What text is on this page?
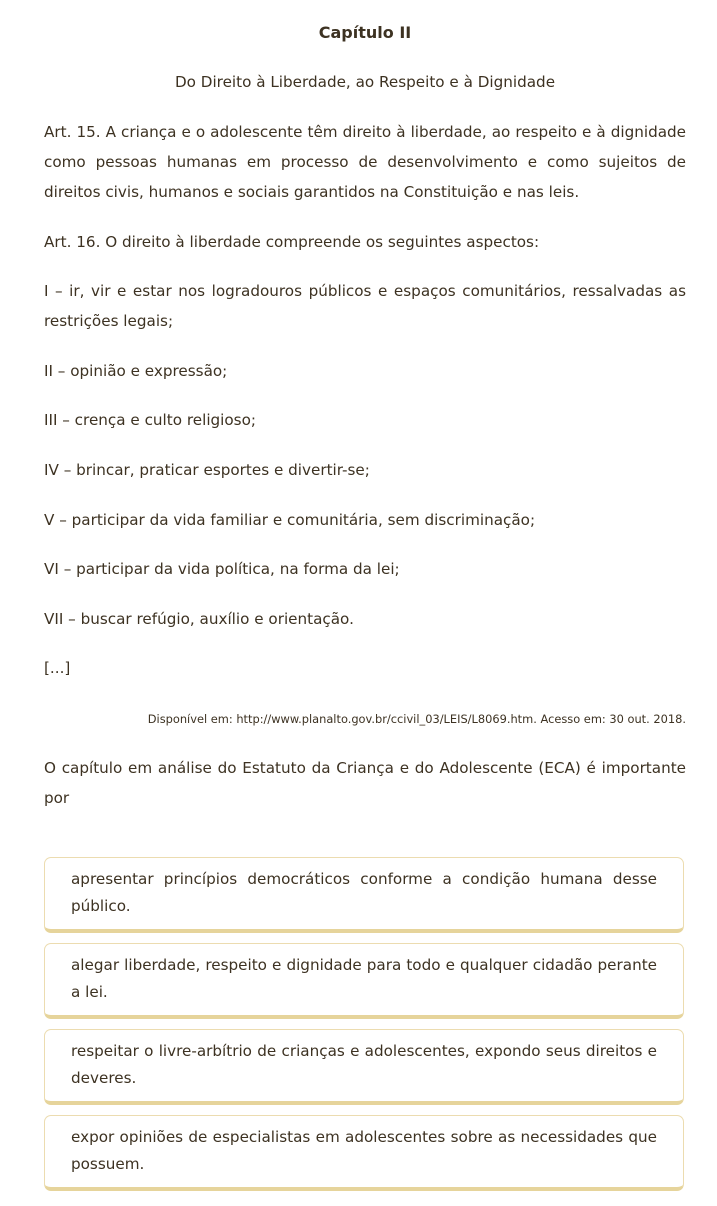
Capítulo II
Do Direito à Liberdade, ao Respeito e à Dignidade

Art. 15. A criança e o adolescente têm direito à liberdade, ao respeito e à dignidade como pessoas humanas em processo de desenvolvimento e como sujeitos de direitos civis, humanos e sociais garantidos na Constituição e nas leis.

Art. 16. O direito à liberdade compreende os seguintes aspectos:

I – ir, vir e estar nos logradouros públicos e espaços comunitários, ressalvadas as restrições legais;

II – opinião e expressão;

III – crença e culto religioso;

IV – brincar, praticar esportes e divertir-se;

V – participar da vida familiar e comunitária, sem discriminação;

VI – participar da vida política, na forma da lei;

VII – buscar refúgio, auxílio e orientação.

[...]

Disponível em: http://www.planalto.gov.br/ccivil_03/LEIS/L8069.htm. Acesso em: 30 out. 2018.

O capítulo em análise do Estatuto da Criança e do Adolescente (ECA) é importante por

apresentar princípios democráticos conforme a condição humana desse público.
alegar liberdade, respeito e dignidade para todo e qualquer cidadão perante a lei.
respeitar o livre-arbítrio de crianças e adolescentes, expondo seus direitos e deveres.
expor opiniões de especialistas em adolescentes sobre as necessidades que possuem.
